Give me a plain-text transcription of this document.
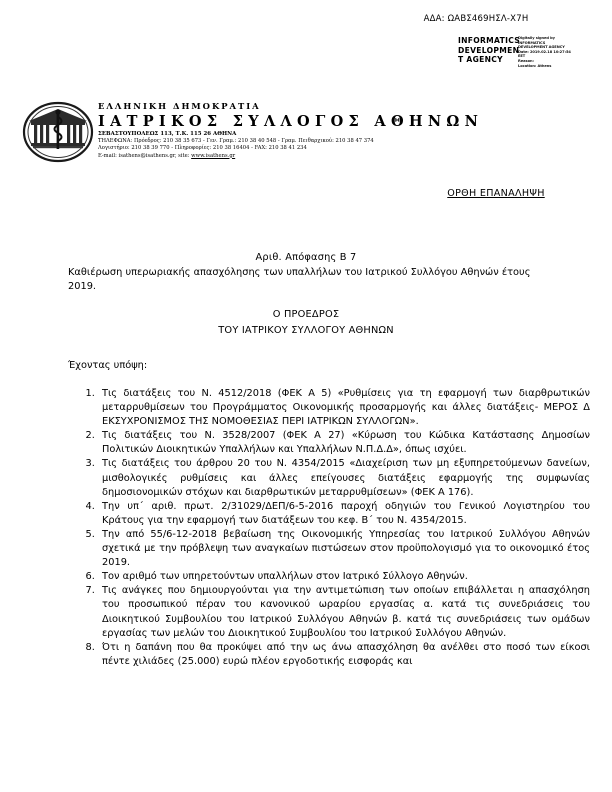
ΑΔΑ: ΩΑΒΣ469ΗΣΛ-Χ7Η
INFORMATICS
DEVELOPMEN
T AGENCY
Digitally signed by
INFORMATICS
DEVELOPMENT AGENCY
Date: 2019.02.18 10:27:54
EET
Reason:
Location: Athens
ΕΛΛΗΝΙΚΗ ΔΗΜΟΚΡΑΤΙΑ
ΙΑΤΡΙΚΟΣ ΣΥΛΛΟΓΟΣ ΑΘΗΝΩΝ
ΣΕΒΑΣΤΟΥΠΟΛΕΩΣ 113, Τ.Κ. 115 26 ΑΘΗΝΑ
ΤΗΛΕΦΩΝΑ: Πρόεδρος: 210 38 35 673 - Γεν. Γραμ.: 210 38 40 548 - Γραμ. Πειθαρχικού: 210 38 47 374
Λογιστήριο: 210 38 39 770 - Πληροφορίες: 210 38 16404 - FAX: 210 38 41 234
E-mail: isathens@isathens.gr, site: www.isathens.gr
ΟΡΘΗ ΕΠΑΝΑΛΗΨΗ
Αριθ. Απόφασης Β 7
Καθιέρωση υπερωριακής απασχόλησης των υπαλλήλων του Ιατρικού Συλλόγου Αθηνών έτους 2019.
Ο ΠΡΟΕΔΡΟΣ
ΤΟΥ ΙΑΤΡΙΚΟΥ ΣΥΛΛΟΓΟΥ ΑΘΗΝΩΝ
Έχοντας υπόψη:
1. Τις διατάξεις του Ν. 4512/2018 (ΦΕΚ Α 5) «Ρυθμίσεις για τη εφαρμογή των διαρθρωτικών μεταρρυθμίσεων του Προγράμματος Οικονομικής προσαρμογής και άλλες διατάξεις- ΜΕΡΟΣ Δ ΕΚΣΥΧΡΟΝΙΣΜΟΣ ΤΗΣ ΝΟΜΟΘΕΣΙΑΣ ΠΕΡΙ ΙΑΤΡΙΚΩΝ ΣΥΛΛΟΓΩΝ».
2. Τις διατάξεις του Ν. 3528/2007 (ΦΕΚ Α 27) «Κύρωση του Κώδικα Κατάστασης Δημοσίων Πολιτικών Διοικητικών Υπαλλήλων και Υπαλλήλων Ν.Π.Δ.Δ», όπως ισχύει.
3. Τις διατάξεις του άρθρου 20 του Ν. 4354/2015 «Διαχείριση των μη εξυπηρετούμενων δανείων, μισθολογικές ρυθμίσεις και άλλες επείγουσες διατάξεις εφαρμογής της συμφωνίας δημοσιονομικών στόχων και διαρθρωτικών μεταρρυθμίσεων» (ΦΕΚ Α 176).
4. Την υπ΄ αριθ. πρωτ. 2/31029/ΔΕΠ/6-5-2016 παροχή οδηγιών του Γενικού Λογιστηρίου του Κράτους για την εφαρμογή των διατάξεων του κεφ. Β΄ του Ν. 4354/2015.
5. Την από 55/6-12-2018 βεβαίωση της Οικονομικής Υπηρεσίας του Ιατρικού Συλλόγου Αθηνών σχετικά με την πρόβλεψη των αναγκαίων πιστώσεων στον προϋπολογισμό για το οικονομικό έτος 2019.
6. Τον αριθμό των υπηρετούντων υπαλλήλων στον Ιατρικό Σύλλογο Αθηνών.
7. Τις ανάγκες που δημιουργούνται για την αντιμετώπιση των οποίων επιβάλλεται η απασχόληση του προσωπικού πέραν του κανονικού ωραρίου εργασίας α. κατά τις συνεδριάσεις του Διοικητικού Συμβουλίου του Ιατρικού Συλλόγου Αθηνών β. κατά τις συνεδριάσεις των ομάδων εργασίας των μελών του Διοικητικού Συμβουλίου του Ιατρικού Συλλόγου Αθηνών.
8. Ότι η δαπάνη που θα προκύψει από την ως άνω απασχόληση θα ανέλθει στο ποσό των είκοσι πέντε χιλιάδες (25.000) ευρώ πλέον εργοδοτικής εισφοράς και
